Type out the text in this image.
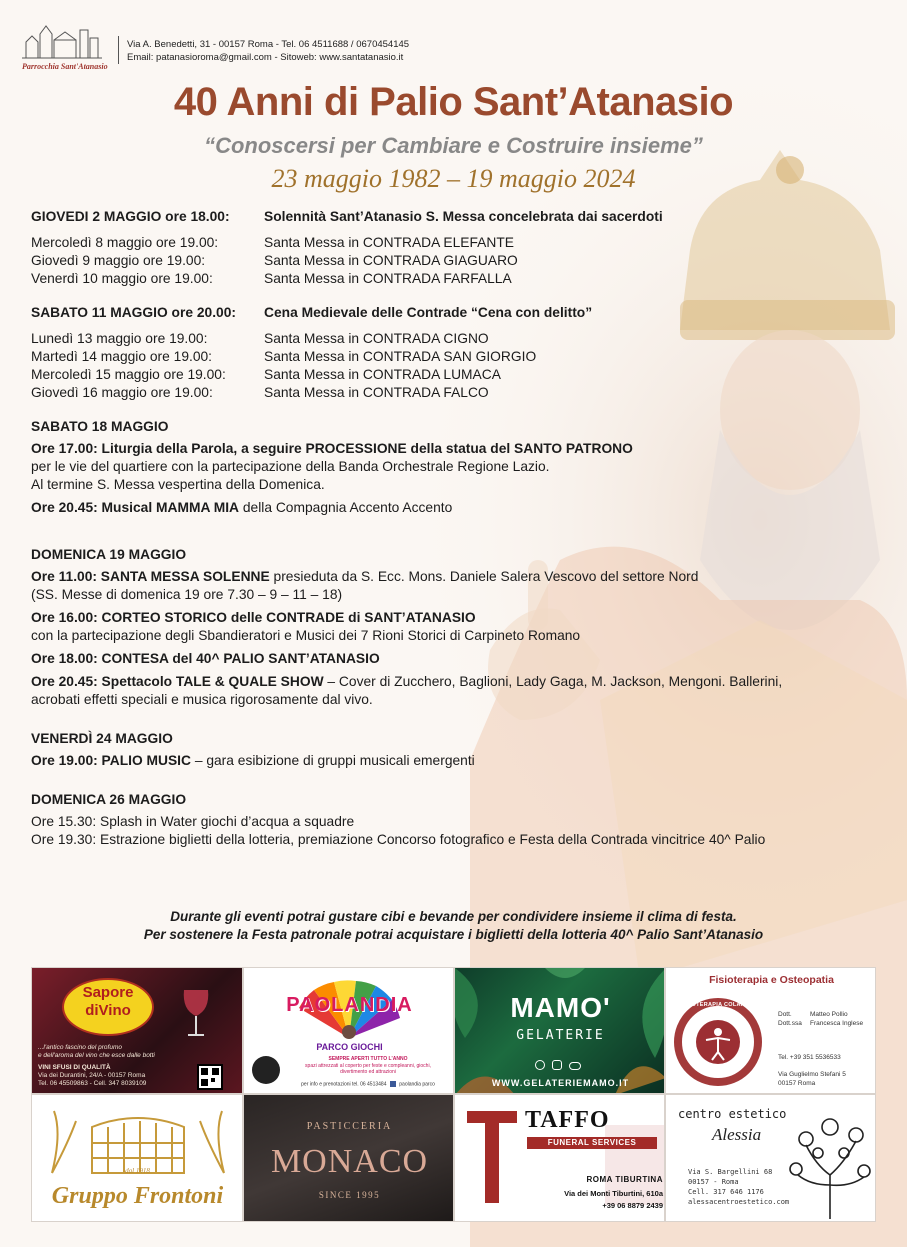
Parrocchia Sant'Atanasio
Via A. Benedetti, 31 - 00157 Roma - Tel. 06 4511688 / 0670454145
Email: patanasioroma@gmail.com - Sitoweb: www.santatanasio.it
40 Anni di Palio Sant’Atanasio
“Conoscersi per Cambiare e Costruire insieme”
23 maggio 1982 – 19 maggio 2024
GIOVEDI 2 MAGGIO ore 18.00:	Solennità Sant’Atanasio S. Messa concelebrata dai sacerdoti
Mercoledì 8 maggio ore 19.00:	Santa Messa in CONTRADA ELEFANTE
Giovedì 9 maggio ore 19.00:	Santa Messa in CONTRADA GIAGUARO
Venerdì 10 maggio ore 19.00:	Santa Messa in CONTRADA FARFALLA
SABATO 11 MAGGIO ore 20.00:	Cena Medievale delle Contrade “Cena con delitto”
Lunedì 13 maggio ore 19.00:	Santa Messa in CONTRADA CIGNO
Martedì 14 maggio ore 19.00:	Santa Messa in CONTRADA SAN GIORGIO
Mercoledì 15 maggio ore 19.00:	Santa Messa in CONTRADA LUMACA
Giovedì 16 maggio ore 19.00:	Santa Messa in CONTRADA FALCO
SABATO 18 MAGGIO
Ore 17.00: Liturgia della Parola, a seguire PROCESSIONE della statua del SANTO PATRONO
per le vie del quartiere con la partecipazione della Banda Orchestrale Regione Lazio.
Al termine S. Messa vespertina della Domenica.
Ore 20.45: Musical MAMMA MIA della Compagnia Accento Accento
DOMENICA 19 MAGGIO
Ore 11.00: SANTA MESSA SOLENNE presieduta da S. Ecc. Mons. Daniele Salera Vescovo del settore Nord
(SS. Messe di domenica 19 ore 7.30 – 9 – 11 – 18)
Ore 16.00: CORTEO STORICO delle CONTRADE di SANT’ATANASIO
con la partecipazione degli Sbandieratori e Musici dei 7 Rioni Storici di Carpineto Romano
Ore 18.00: CONTESA del 40^ PALIO SANT’ATANASIO
Ore 20.45: Spettacolo TALE & QUALE SHOW – Cover di Zucchero, Baglioni, Lady Gaga, M. Jackson, Mengoni. Ballerini,
acrobati effetti speciali e musica rigorosamente dal vivo.
VENERDÌ 24 MAGGIO
Ore 19.00: PALIO MUSIC – gara esibizione di gruppi musicali emergenti
DOMENICA 26 MAGGIO
Ore 15.30: Splash in Water giochi d’acqua a squadre
Ore 19.30: Estrazione biglietti della lotteria, premiazione Concorso fotografico e Festa della Contrada vincitrice 40^ Palio
Durante gli eventi potrai gustare cibi e bevande per condividere insieme il clima di festa.
Per sostenere la Festa patronale potrai acquistare i biglietti della lotteria 40^ Palio Sant’Atanasio
Sapore
diVino
...l'antico fascino del profumo
e dell'aroma del vino che esce dalle botti
VINI SFUSI DI QUALITÀ
Via dei Durantini, 24/A - 00157 Roma
Tel. 06 45509863 - Cell. 347 8039109
PAOLANDIA
PARCO GIOCHI
SEMPRE APERTI TUTTO L'ANNO
spazi attrezzati al coperto per feste e compleanni, giochi,
divertimento ed attrazioni
per info e prenotazioni tel. 06 4513484	paolandia parco
MAMO'
GELATERIE

WWW.GELATERIEMAMO.IT
Fisioterapia e Osteopatia
FISIOTERAPIA COLAIACO
Fra & Mat
Dott.	Matteo Pollio
Dott.ssa Francesca Inglese
Tel. +39 351 5536533
Via Guglielmo Stefani 5
00157 Roma
dal 1918
Gruppo Frontoni
PASTICCERIA
MONACO
SINCE 1995
TAFFO
FUNERAL SERVICES
ROMA TIBURTINA
Via dei Monti Tiburtini, 610a
+39 06 8879 2439
centro estetico
Alessia
Via S. Bargellini 68
00157 - Roma
Cell. 317 646 1176
alessacentroestetico.com
